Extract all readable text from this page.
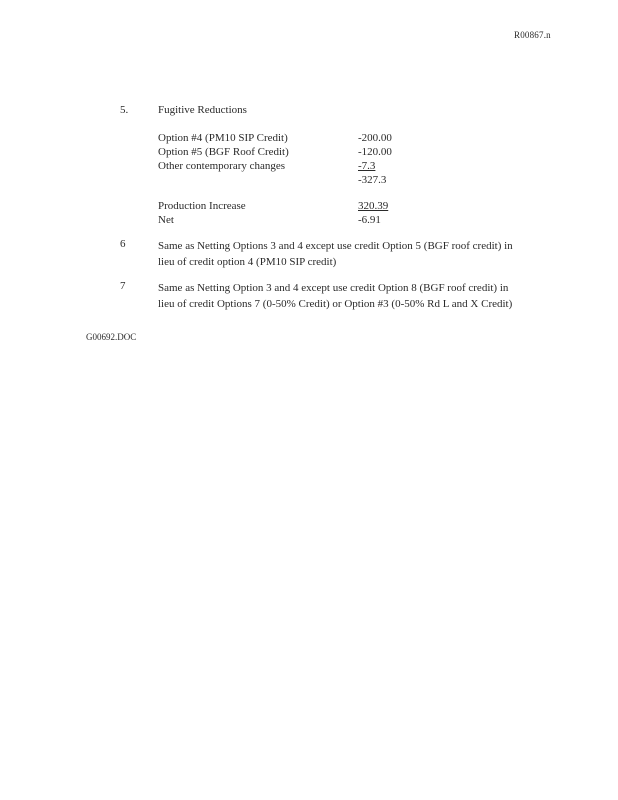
R00867.n
5.	Fugitive Reductions
Option #4 (PM10 SIP Credit)	-200.00
Option #5 (BGF Roof Credit)	-120.00
Other contemporary changes	-7.3
-327.3
Production Increase	320.39
Net	-6.91
6	Same as Netting Options 3 and 4 except use credit Option 5 (BGF roof credit) in
lieu of credit option 4 (PM10 SIP credit)
7	Same as Netting Option 3 and 4 except use credit Option 8 (BGF roof credit) in
lieu of credit Options 7 (0-50% Credit) or Option #3 (0-50% Rd L and X Credit)
G00692.DOC
